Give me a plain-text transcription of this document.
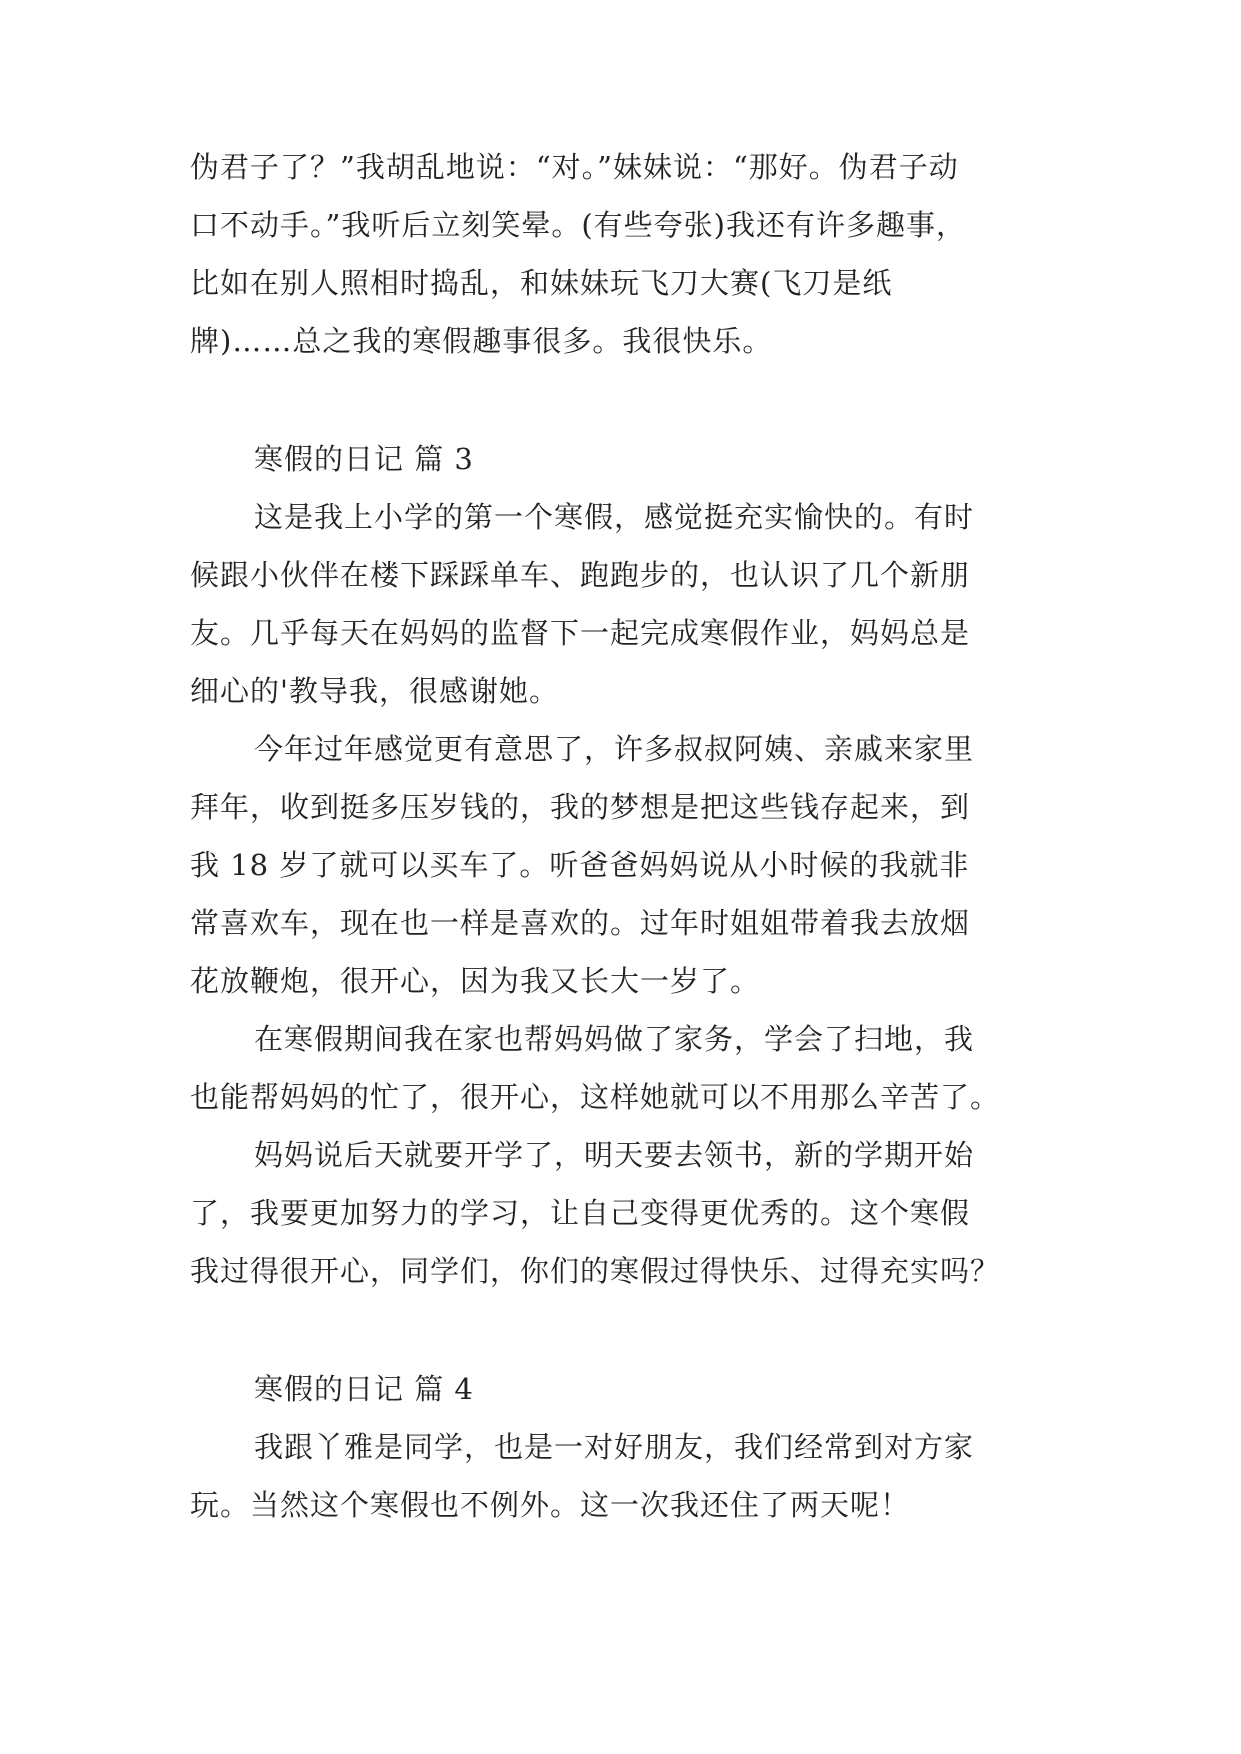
伪君子了？”我胡乱地说：“对。”妹妹说：“那好。伪君子动
口不动手。”我听后立刻笑晕。(有些夸张)我还有许多趣事，
比如在别人照相时捣乱，和妹妹玩飞刀大赛(飞刀是纸
牌)……总之我的寒假趣事很多。我很快乐。
寒假的日记 篇 3
这是我上小学的第一个寒假，感觉挺充实愉快的。有时
候跟小伙伴在楼下踩踩单车、跑跑步的，也认识了几个新朋
友。几乎每天在妈妈的监督下一起完成寒假作业，妈妈总是
细心的'教导我，很感谢她。
今年过年感觉更有意思了，许多叔叔阿姨、亲戚来家里
拜年，收到挺多压岁钱的，我的梦想是把这些钱存起来，到
我 18 岁了就可以买车了。听爸爸妈妈说从小时候的我就非
常喜欢车，现在也一样是喜欢的。过年时姐姐带着我去放烟
花放鞭炮，很开心，因为我又长大一岁了。
在寒假期间我在家也帮妈妈做了家务，学会了扫地，我
也能帮妈妈的忙了，很开心，这样她就可以不用那么辛苦了。
妈妈说后天就要开学了，明天要去领书，新的学期开始
了，我要更加努力的学习，让自己变得更优秀的。这个寒假
我过得很开心，同学们，你们的寒假过得快乐、过得充实吗？
寒假的日记 篇 4
我跟丫雅是同学，也是一对好朋友，我们经常到对方家
玩。当然这个寒假也不例外。这一次我还住了两天呢！
